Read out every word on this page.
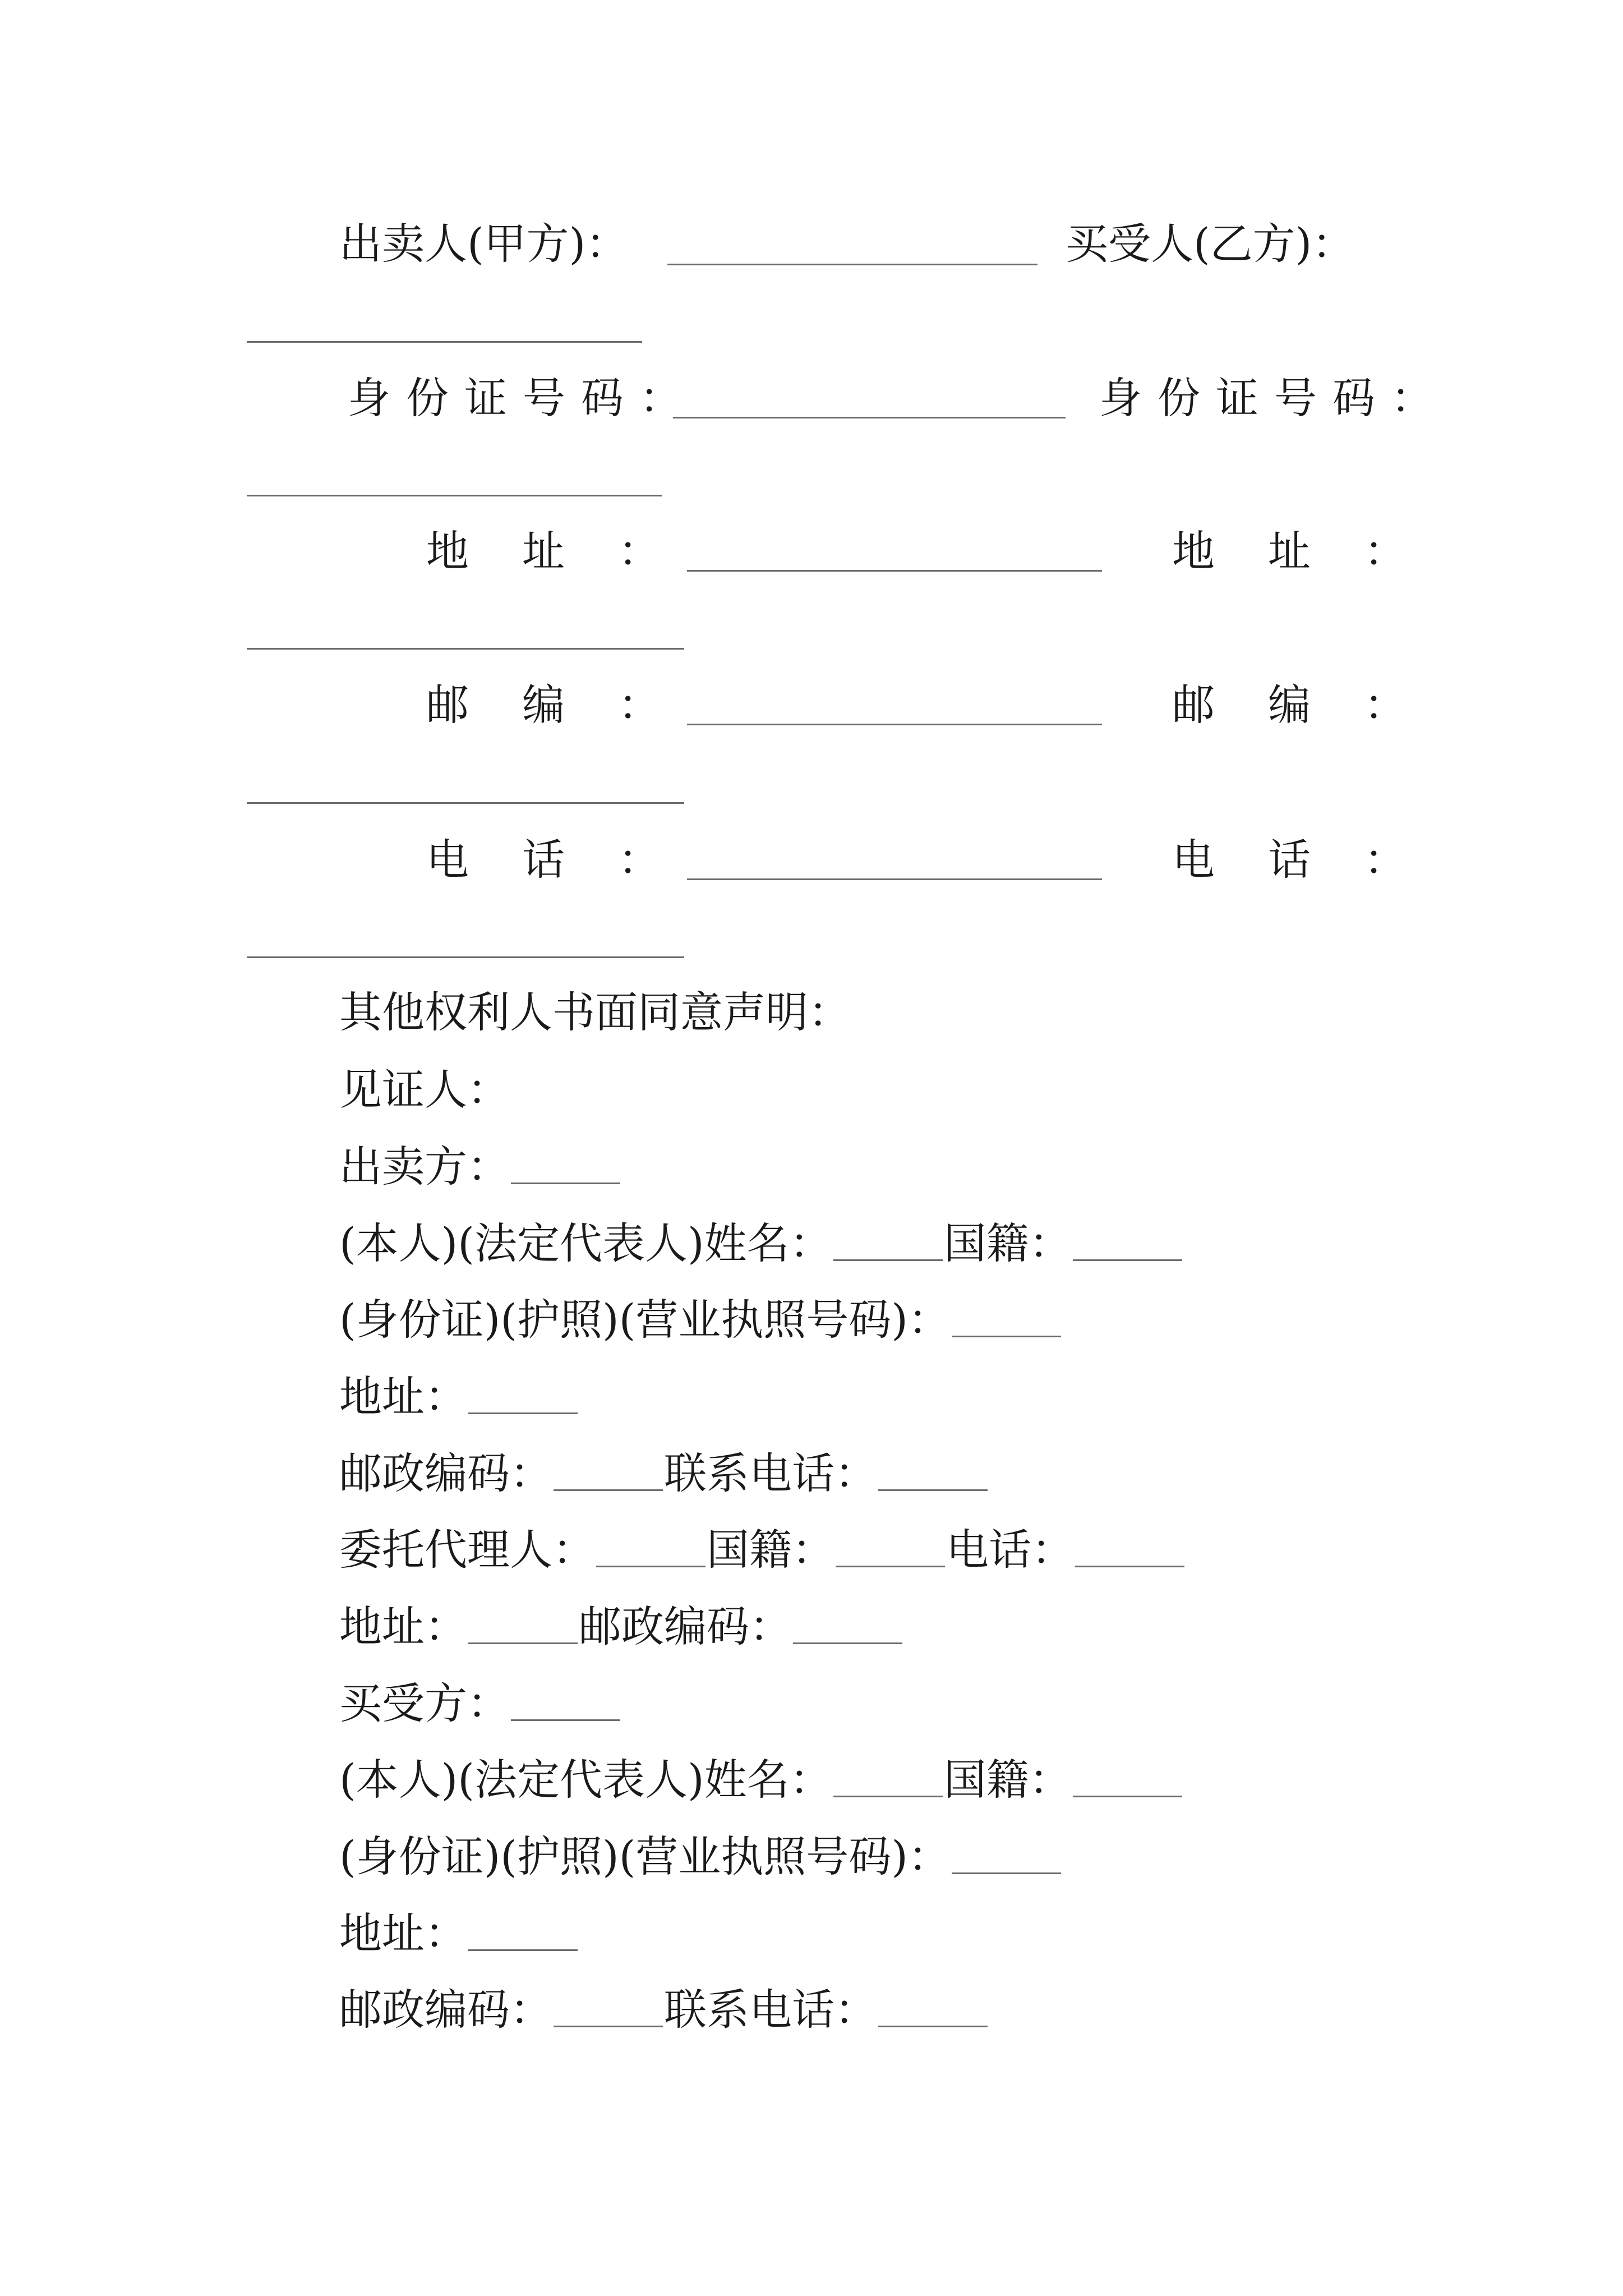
出卖人(甲方)：	买受人(乙方)：
身份证号码：	身份证号码：
地址：	地址：
邮编：	邮编：
电话：	电话：
其他权利人书面同意声明：
见证人：
出卖方：
(本人)(法定代表人)姓名：	国籍：
(身份证)(护照)(营业执照号码)：
地址：
邮政编码：	联系电话：
委托代理人：	国籍：	电话：
地址：	邮政编码：
买受方：
(本人)(法定代表人)姓名：	国籍：
(身份证)(护照)(营业执照号码)：
地址：
邮政编码：	联系电话：
